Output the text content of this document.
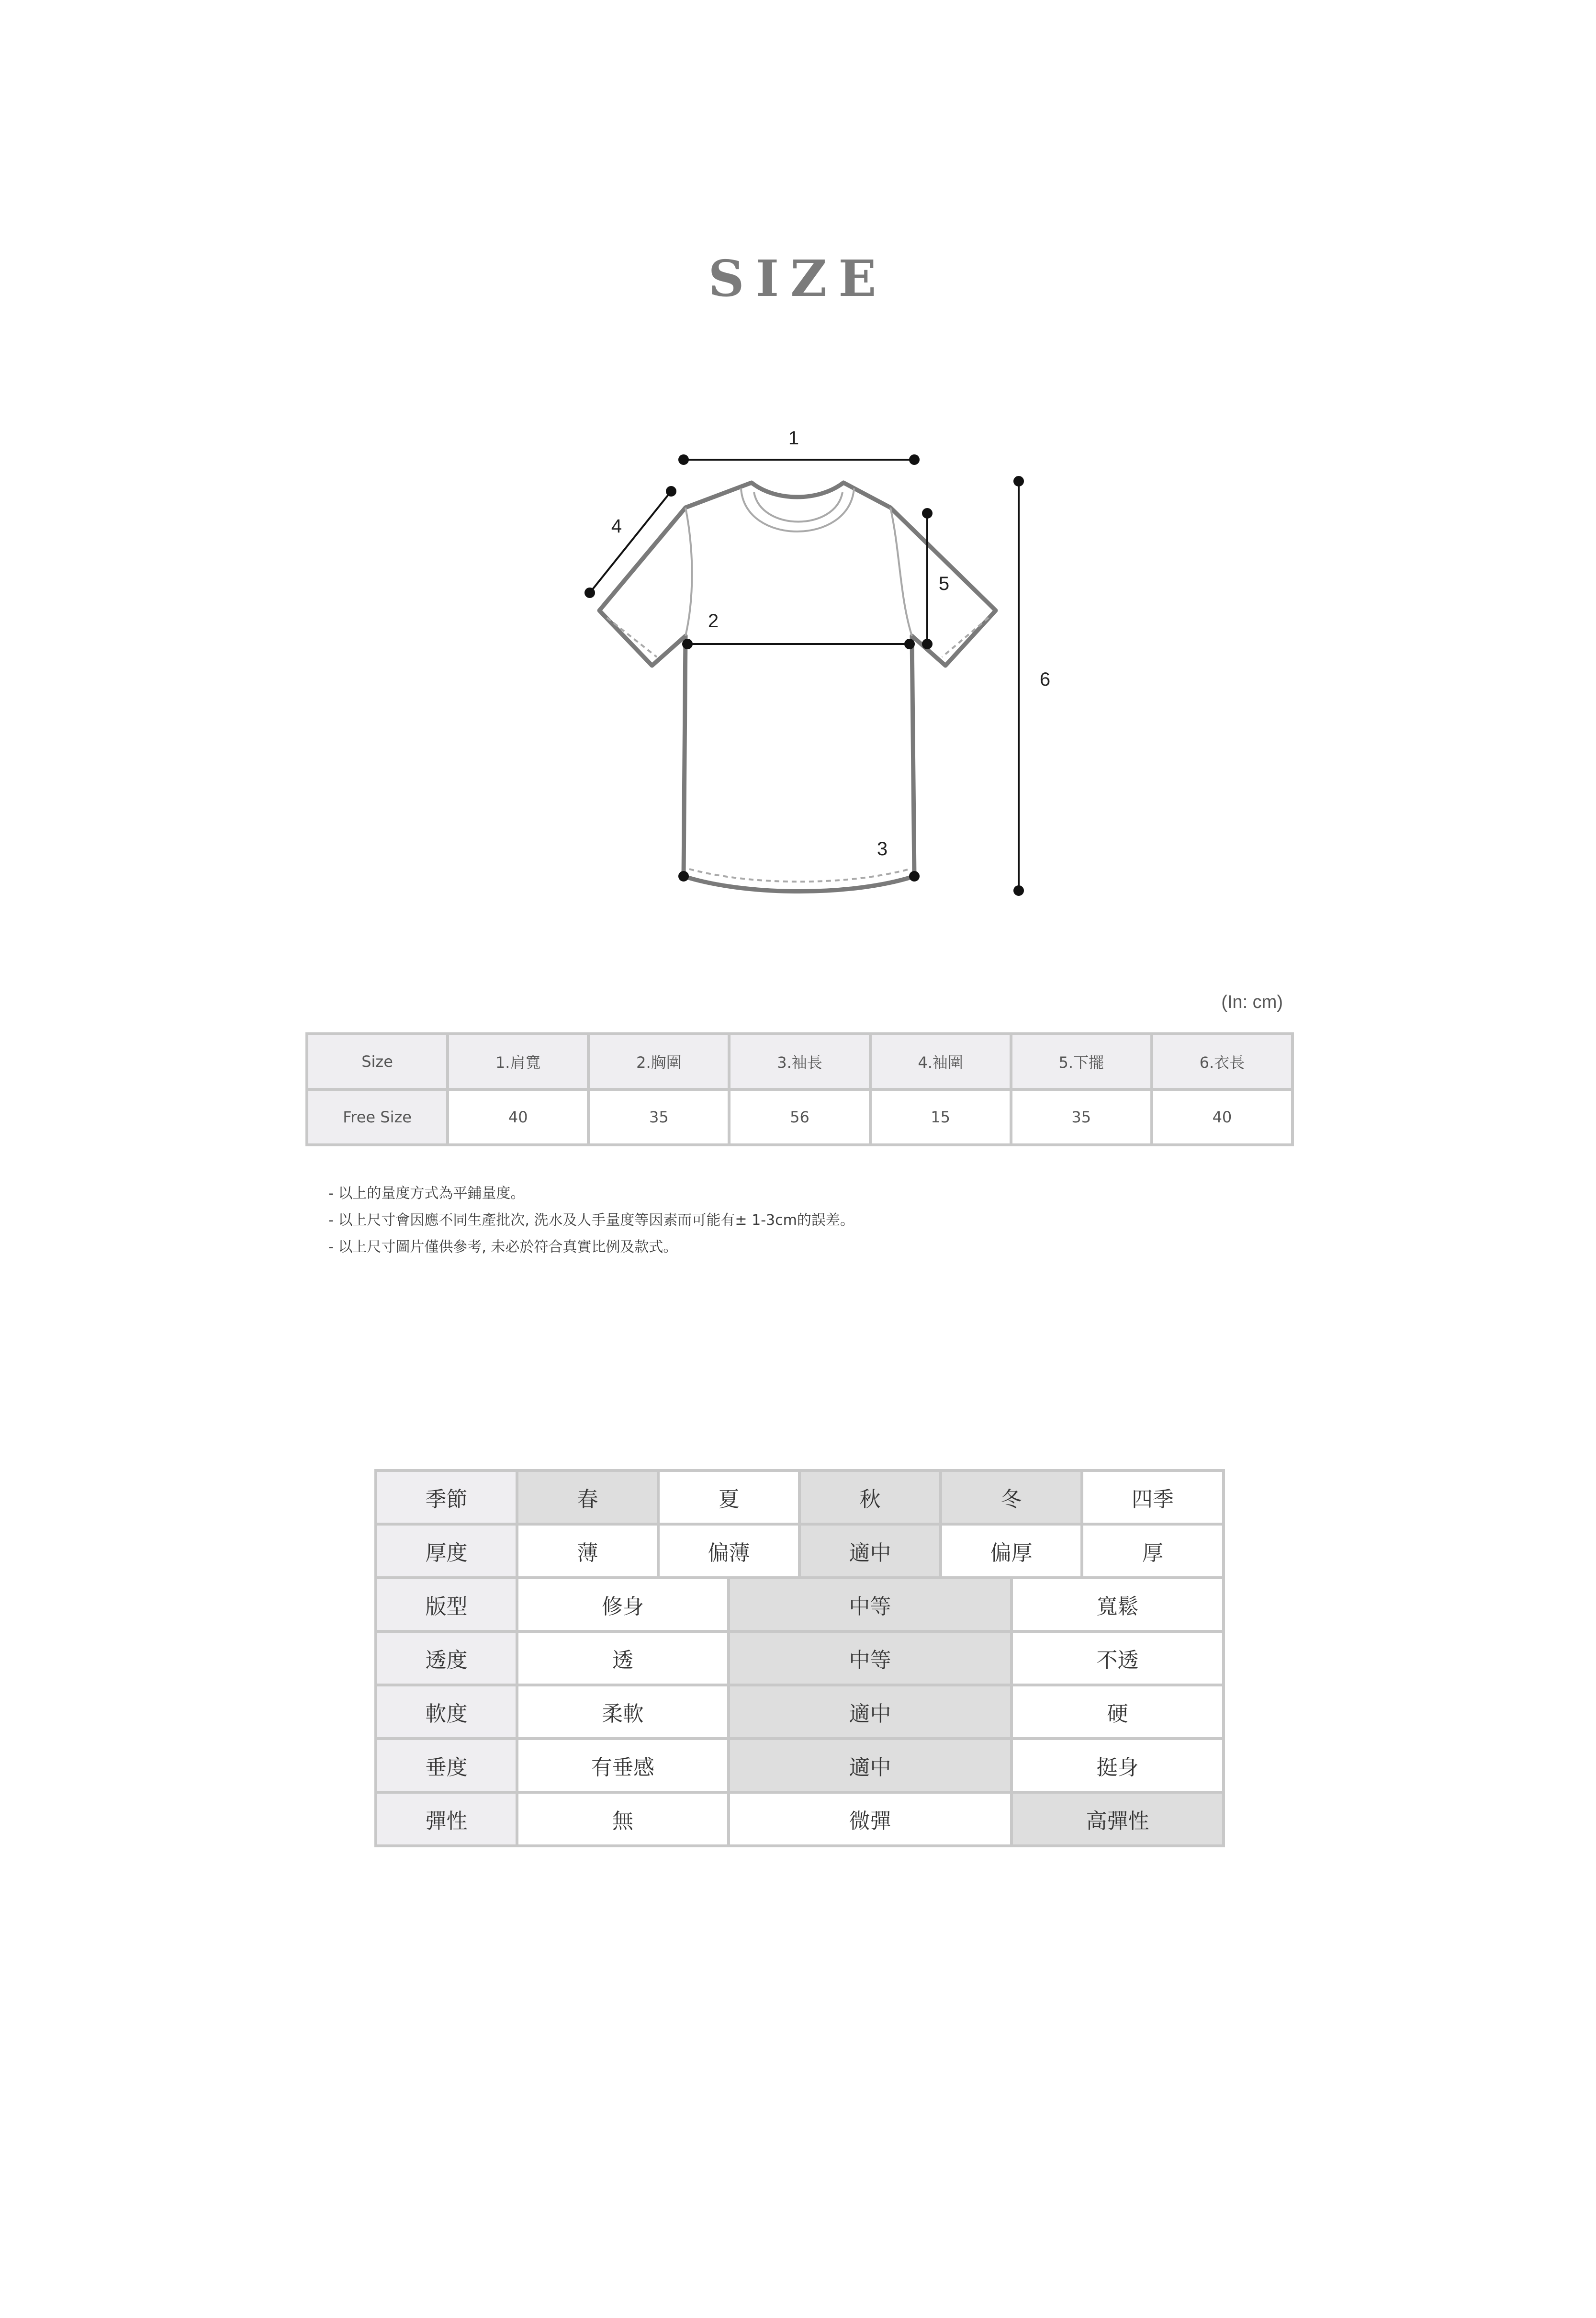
SIZE
1
2
3
4
5
6
(In: cm)
Size	1.肩寬	2.胸圍	3.袖長	4.袖圍	5.下擺	6.衣長
Free Size	40	35	56	15	35	40
- 以上的量度方式為平鋪量度。
- 以上尺寸會因應不同生產批次, 洗水及人手量度等因素而可能有± 1-3cm的誤差。
- 以上尺寸圖片僅供參考, 未必於符合真實比例及款式。
季節	春	夏		秋	冬		四季
厚度	薄	偏薄		適中	偏厚		厚
版型	修身		中等			寬鬆	
透度	透		中等			不透	
軟度	柔軟		適中			硬	
垂度	有垂感		適中			挺身	
彈性	無		微彈			高彈性	
